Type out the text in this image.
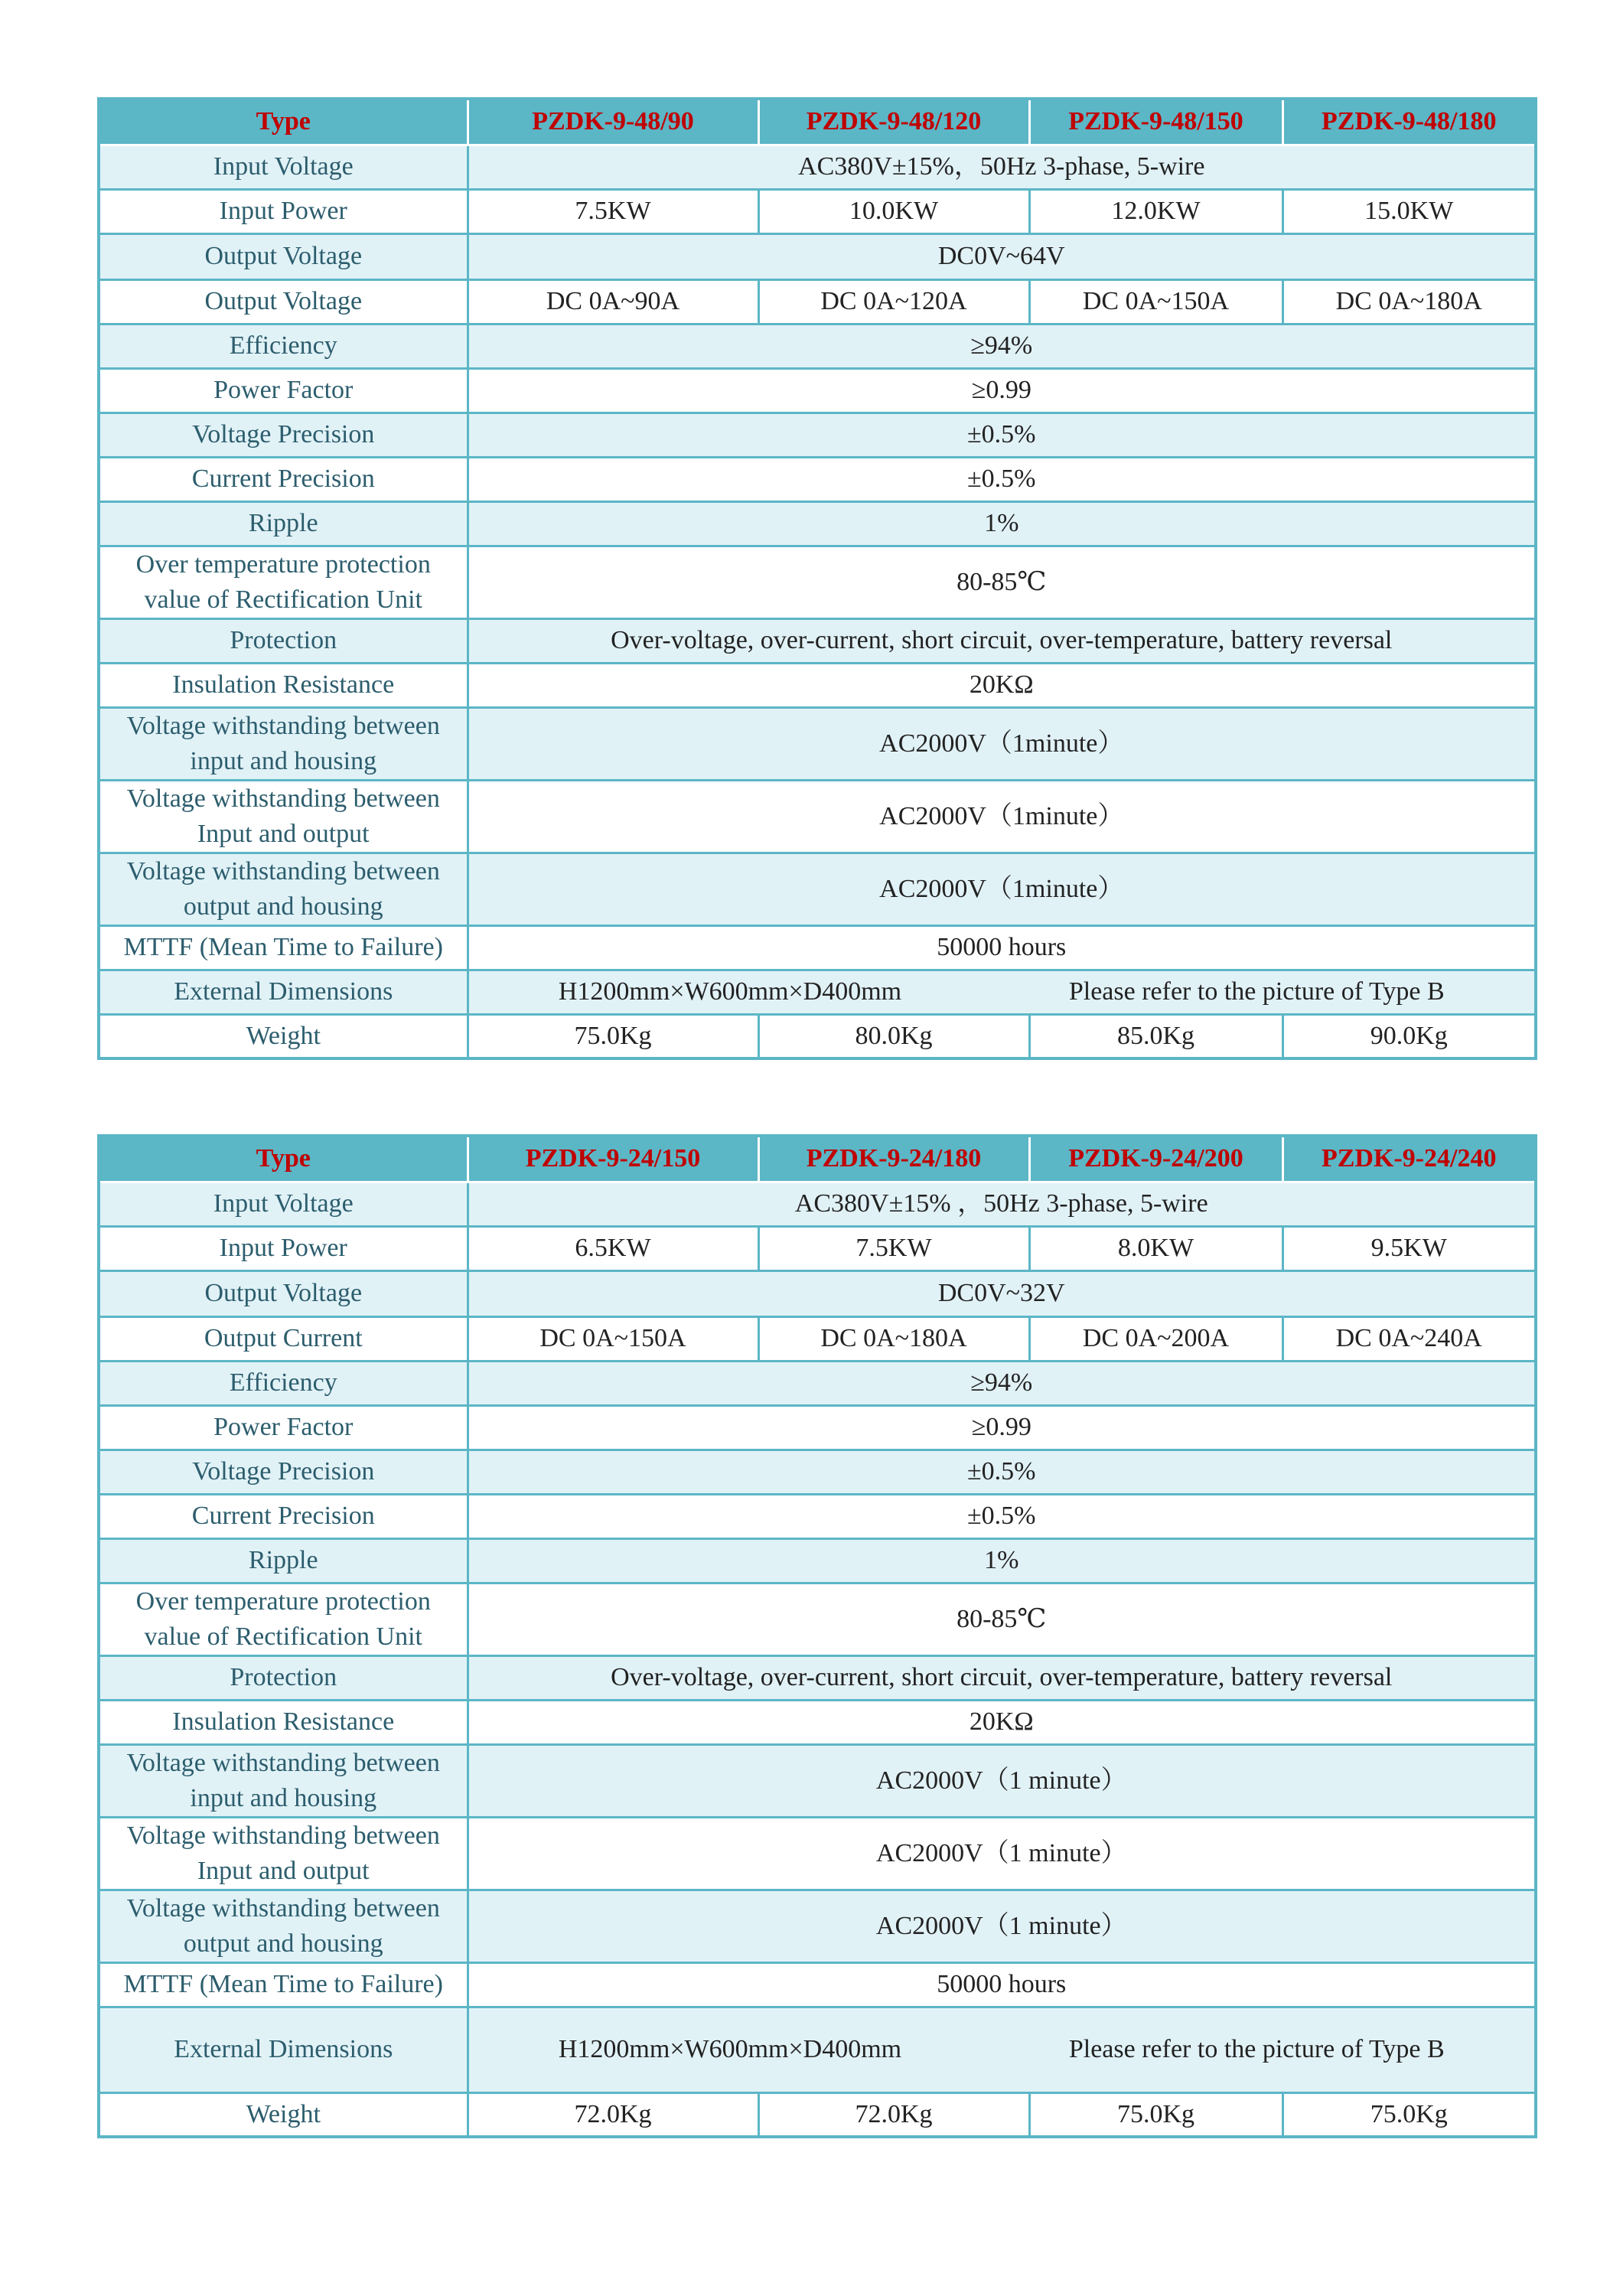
Type	PZDK-9-48/90	PZDK-9-48/120	PZDK-9-48/150	PZDK-9-48/180
Input Voltage	AC380V±15%，50Hz 3-phase, 5-wire			
Input Power	7.5KW	10.0KW	12.0KW	15.0KW
Output Voltage	DC0V~64V			
Output Voltage	DC 0A~90A	DC 0A~120A	DC 0A~150A	DC 0A~180A
Efficiency	≥94%			
Power Factor	≥0.99			
Voltage Precision	±0.5%			
Current Precision	±0.5%			
Ripple	1%			
Over temperature protection value of Rectification Unit	80-85℃			
Protection	Over-voltage, over-current, short circuit, over-temperature, battery reversal			
Insulation Resistance	20KΩ			
Voltage withstanding between input and housing	AC2000V（1minute）			
Voltage withstanding between Input and output	AC2000V（1minute）			
Voltage withstanding between output and housing	AC2000V（1minute）			
MTTF (Mean Time to Failure)	50000 hours			
External Dimensions	H1200mm×W600mm×D400mm Please refer to the picture of Type B			

Weight	75.0Kg	80.0Kg	85.0Kg	90.0Kg
Type	PZDK-9-24/150	PZDK-9-24/180	PZDK-9-24/200	PZDK-9-24/240
Input Voltage	AC380V±15% ，50Hz 3-phase, 5-wire			
Input Power	6.5KW	7.5KW	8.0KW	9.5KW
Output Voltage	DC0V~32V			
Output Current	DC 0A~150A	DC 0A~180A	DC 0A~200A	DC 0A~240A
Efficiency	≥94%			
Power Factor	≥0.99			
Voltage Precision	±0.5%			
Current Precision	±0.5%			
Ripple	1%			
Over temperature protection value of Rectification Unit	80-85℃			
Protection	Over-voltage, over-current, short circuit, over-temperature, battery reversal			
Insulation Resistance	20KΩ			
Voltage withstanding between input and housing	AC2000V（1 minute）			
Voltage withstanding between Input and output	AC2000V（1 minute）			
Voltage withstanding between output and housing	AC2000V（1 minute）			
MTTF (Mean Time to Failure)	50000 hours			
External Dimensions	H1200mm×W600mm×D400mm Please refer to the picture of Type B			

Weight	72.0Kg	72.0Kg	75.0Kg	75.0Kg
